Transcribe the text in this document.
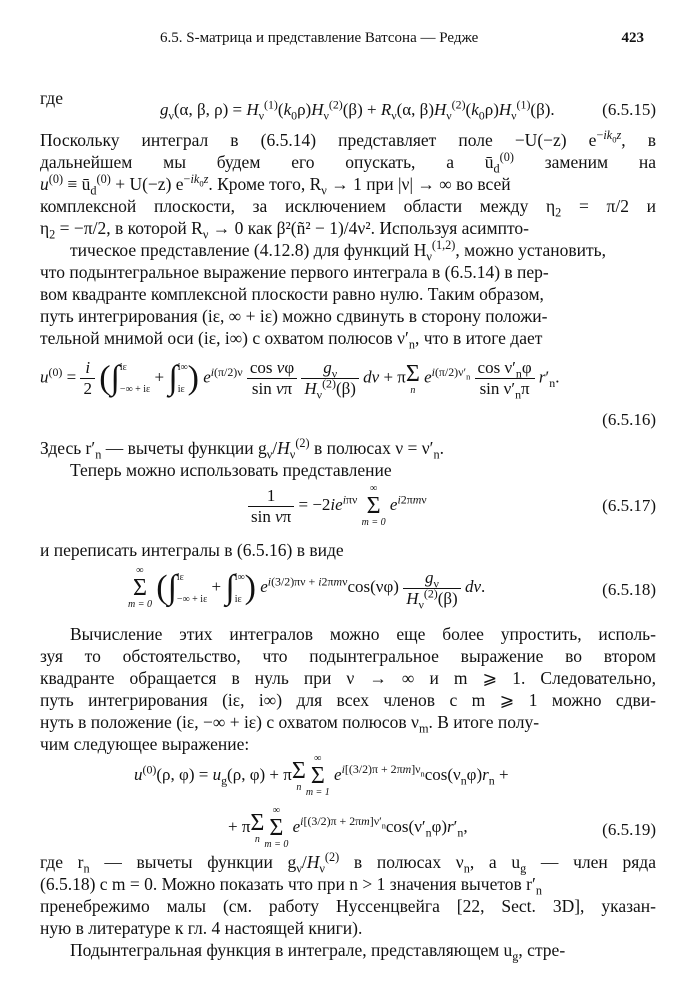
6.5. S-матрица и представление Ватсона — Редже	423
где
$g_\nu(\alpha$, β, $\rho) = H_\nu^{(1)}(k_0\rho)H_\nu^{(2)}(\beta) + R_\nu(\alpha$, $\beta)H_\nu^{(2)}(k_0\rho)H_\nu^{(1)}(\beta)$.	(6.5.15)
Поскольку интеграл в (6.5.14) представляет поле −U(−z) $e^{-ik_0z}$, в
дальнейшем мы будем его опускать, а $ū_d^{(0)}$ заменим на
$u^{(0)}$ ≡ $ū_d^{(0)} + U(-z)$ $e^{-ik_0z}$. Кроме того, $R_\nu \to 1$ при |ν| → ∞ во всей
комплексной плоскости, за исключением области между $\eta_2 = \pi/2$ и
$\eta_2 = -\pi/2$, в которой $R_\nu \to 0$ как β²(ñ² − 1)/4ν². Используя асимпто-
тическое представление (4.12.8) для функций $H_\nu^{(1,2)}$, можно установить,
что подынтегральное выражение первого интеграла в (6.5.14) в пер-
вом квадранте комплексной плоскости равно нулю. Таким образом,
путь интегрирования (iε, ∞ + iε) можно сдвинуть в сторону положи-
тельной мнимой оси (iε, i∞) с охватом полюсов $\nu'_n$, что в итоге дает
$u^{(0)} = \frac{i}{2} (\int i\varepsilon$

−∞ + iε + ∫i∞

iε) $e^{i(\pi/2)\nu} \frac{\text{cos νφ}}{\text{sin νπ}}$
$\frac{g_\nu}{H_\nu^{(2)}(\beta)}$ dν + π Σ
n
$e^{i(\pi/2)\nu'_n} \frac{\cos \nu'_n\varphi}{\sin \nu'_n\pi} r'_n$.
(6.5.16)
Здесь $r'_n$ — вычеты функции $g_\nu/H_\nu^{(2)}$ в полюсах $\nu = \nu'_n$.
Теперь можно использовать представление
$\frac{1}{\text{sin νπ}} = -2ie^{i\pi\nu}$
∞
Σ
m = 0
$e^{i2\pi m\nu}$	(6.5.17)
и переписать интегралы в (6.5.16) в виде
∞
Σ
m = 0 (∫iε

−∞ + iε + ∫i∞

iε) $e^{i(3/2)\pi\nu + i2\pi m\nu}\cos(\nu\varphi) \frac{g_\nu}{H_\nu^{(2)}(\beta)} d\nu$.	(6.5.18)
Вычисление этих интегралов можно еще более упростить, исполь-
зуя то обстоятельство, что подынтегральное выражение во втором
квадранте обращается в нуль при ν → ∞ и m ⩾ 1. Следовательно,
путь интегрирования (iε, i∞) для всех членов с m ⩾ 1 можно сдви-
нуть в положение (iε, −∞ + iε) с охватом полюсов $\nu_m$. В итоге полу-
чим следующее выражение:
$u^{(0)}(\rho$, $\varphi) = u_g(\rho$, φ) + π Σ
n
∞
Σ
m = 1
$e^{i[(3/2)\pi + 2\pi m]\nu_n}\cos(\nu_n\varphi)r_n$ +
+ π Σ
n
∞
Σ
m = 0
$e^{i[(3/2)\pi + 2\pi m]\nu'_n}\cos(\nu'_n\varphi)r'_n$,	(6.5.19)
где $r_n$ — вычеты функции $g_\nu/H_\nu^{(2)}$ в полюсах $\nu_n$, а $u_g$ — член ряда
(6.5.18) с m = 0. Можно показать что при n > 1 значения вычетов $r'_n$
пренебрежимо малы (см. работу Нуссенцвейга [22, Sect. 3D], указан-
ную в литературе к гл. 4 настоящей книги).
Подынтегральная функция в интеграле, представляющем $u_g$, стре-
